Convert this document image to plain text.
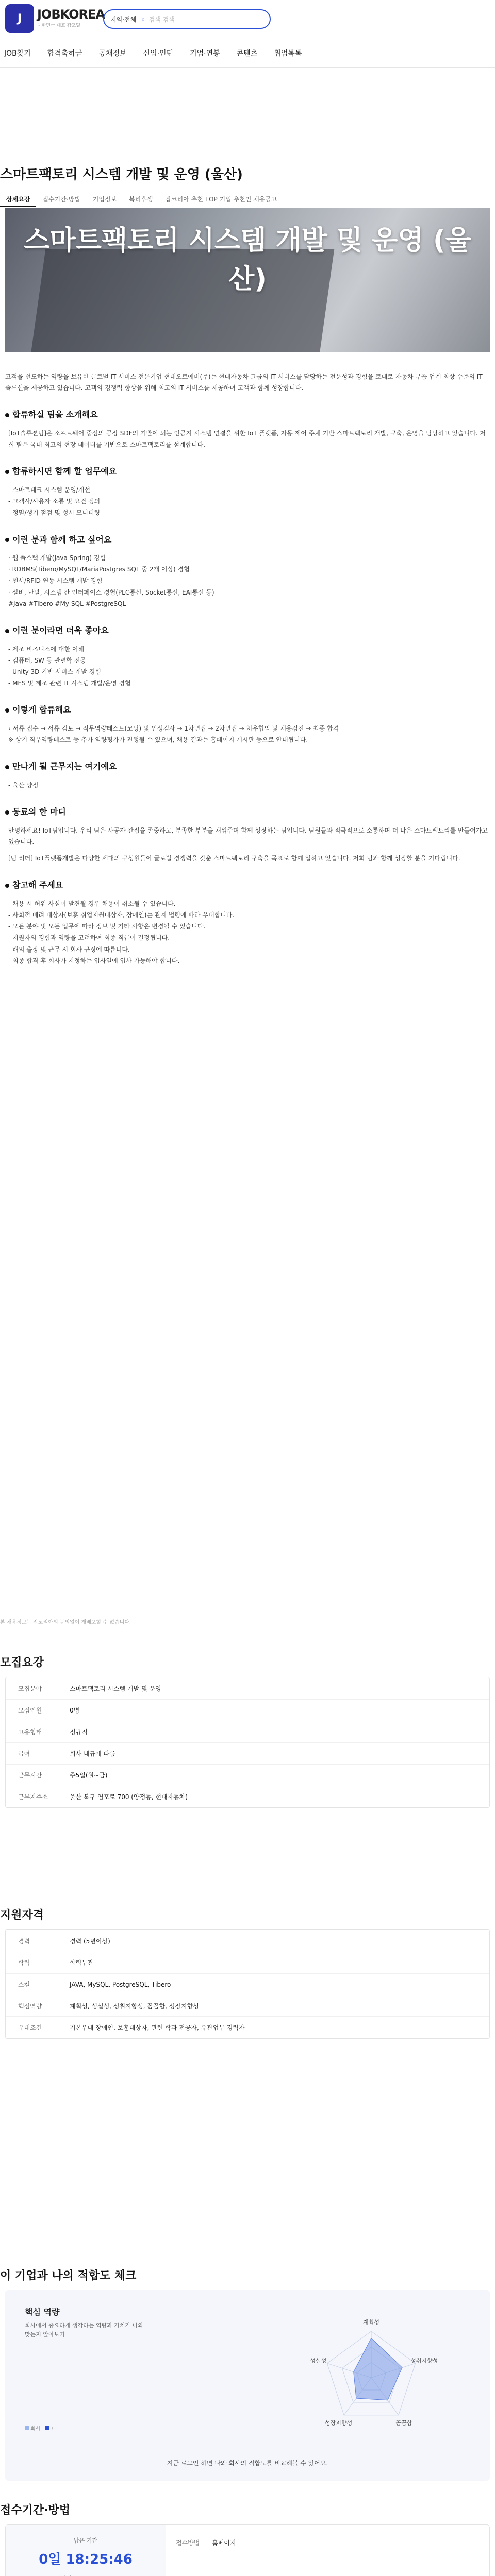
J JOBKOREA
대한민국 대표 잡포털
지역·전체 ⌕ 검색 검색
JOB찾기 합격축하금 공채정보 신입·인턴 기업·연봉 콘텐츠 취업톡톡
스마트팩토리 시스템 개발 및 운영 (울산)
상세요강	접수기간·방법	기업정보	복리후생	잡코리아 추천 TOP 기업 추천인 채용공고
스마트팩토리 시스템 개발 및 운영 (울산)

고객을 선도하는 역량을 보유한 글로벌 IT 서비스 전문기업 현대오토에버(주)는 현대자동차 그룹의 IT 서비스를 담당하는 전문성과 경험을 토대로 자동차 부품 업계 최상 수준의 IT 솔루션을 제공하고 있습니다. 고객의 경쟁력 향상을 위해 최고의 IT 서비스를 제공하며 고객과 함께 성장합니다.

합류하실 팀을 소개해요
[IoT솔루션팀]은 소프트웨어 중심의 공장 SDF의 기반이 되는 인공지 시스템 연결을 위한 IoT 플랫폼, 자동 제어 주체 기반 스마트팩토리 개발, 구축, 운영을 담당하고 있습니다. 저희 팀은 국내 최고의 현장 데이터를 기반으로 스마트팩토리를 설계합니다.
합류하시면 함께 할 업무예요
- 스마트테크 시스템 운영/개선
- 고객사/사용자 소통 및 요건 정의
- 정밀/생기 점검 및 성시 모니터링
이런 분과 함께 하고 싶어요
· 웹 풀스택 개발(Java Spring) 경험
· RDBMS(Tibero/MySQL/MariaPostgres SQL 중 2개 이상) 경험
· 센서/RFID 연동 시스템 개발 경험
· 설비, 단말, 시스템 간 인터페이스 경험(PLC통신, Socket통신, EAI통신 등)
#Java #Tibero #My-SQL #PostgreSQL
이런 분이라면 더욱 좋아요
- 제조 비즈니스에 대한 이해
- 컴퓨터, SW 등 관련학 전공
- Unity 3D 기반 서비스 개발 경험
- MES 및 제조 관련 IT 시스템 개발/운영 경험
이렇게 합류해요
› 서류 접수 → 서류 검토 → 직무역량테스트(코딩) 및 인성검사 → 1차면접 → 2차면접 → 처우협의 및 채용검진 → 최종 합격
※ 상기 직무역량테스트 등 추가 역량평가가 진행될 수 있으며, 채용 결과는 홈페이지 게시판 등으로 안내됩니다.
만나게 될 근무지는 여기예요
- 울산 양정
동료의 한 마디
안녕하세요! IoT팀입니다. 우리 팀은 사공자 간접을 존중하고, 부족한 부분을 채워주며 함께 성장하는 팀입니다. 팀원들과 적극적으로 소통하며 더 나은 스마트팩토리를 만들어가고 있습니다.
[팀 리더] IoT플랫폼개발은 다양한 세대의 구성원들이 글로벌 경쟁력을 갖춘 스마트팩토리 구축을 목표로 함께 일하고 있습니다. 저희 팀과 함께 성장할 분을 기다립니다.
참고해 주세요
- 채용 시 허위 사실이 발견될 경우 채용이 취소될 수 있습니다.
- 사회적 배려 대상자(보훈 취업지원대상자, 장애인)는 관계 법령에 따라 우대합니다.
- 모든 분야 및 모든 업무에 따라 정보 및 기타 사항은 변경될 수 있습니다.
- 지원자의 경험과 역량을 고려하여 최종 직급이 결정됩니다.
- 해외 출장 및 근무 시 회사 규정에 따릅니다.
- 최종 합격 후 회사가 지정하는 입사일에 입사 가능해야 합니다.
본 채용정보는 잡코리아의 동의없이 재배포할 수 없습니다.
모집요강
모집분야	스마트팩토리 시스템 개발 및 운영
모집인원	0명
고용형태	정규직
급여	회사 내규에 따름
근무시간	주5일(월~금)
근무지주소	울산 북구 염포로 700 (양정동, 현대자동차)
지원자격
경력	경력 (5년이상)
학력	학력무관
스킬	JAVA, MySQL, PostgreSQL, Tibero
핵심역량	계획성, 성실성, 성취지향성, 꼼꼼함, 성장지향성
우대조건	기본우대 장애인, 보훈대상자, 관련 학과 전공자, 유관업무 경력자
이 기업과 나의 적합도 체크
핵심 역량
회사에서 중요하게 생각하는 역량과 가치가 나와 맞는지 알아보기
회사 나
계획성
성취지향성
꼼꼼함
성장지향성
성실성
지금 로그인 하면 나와 회사의 적합도를 비교해볼 수 있어요.
접수기간·방법
남은 기간
0일 18:25:46

접수방법 홈페이지
